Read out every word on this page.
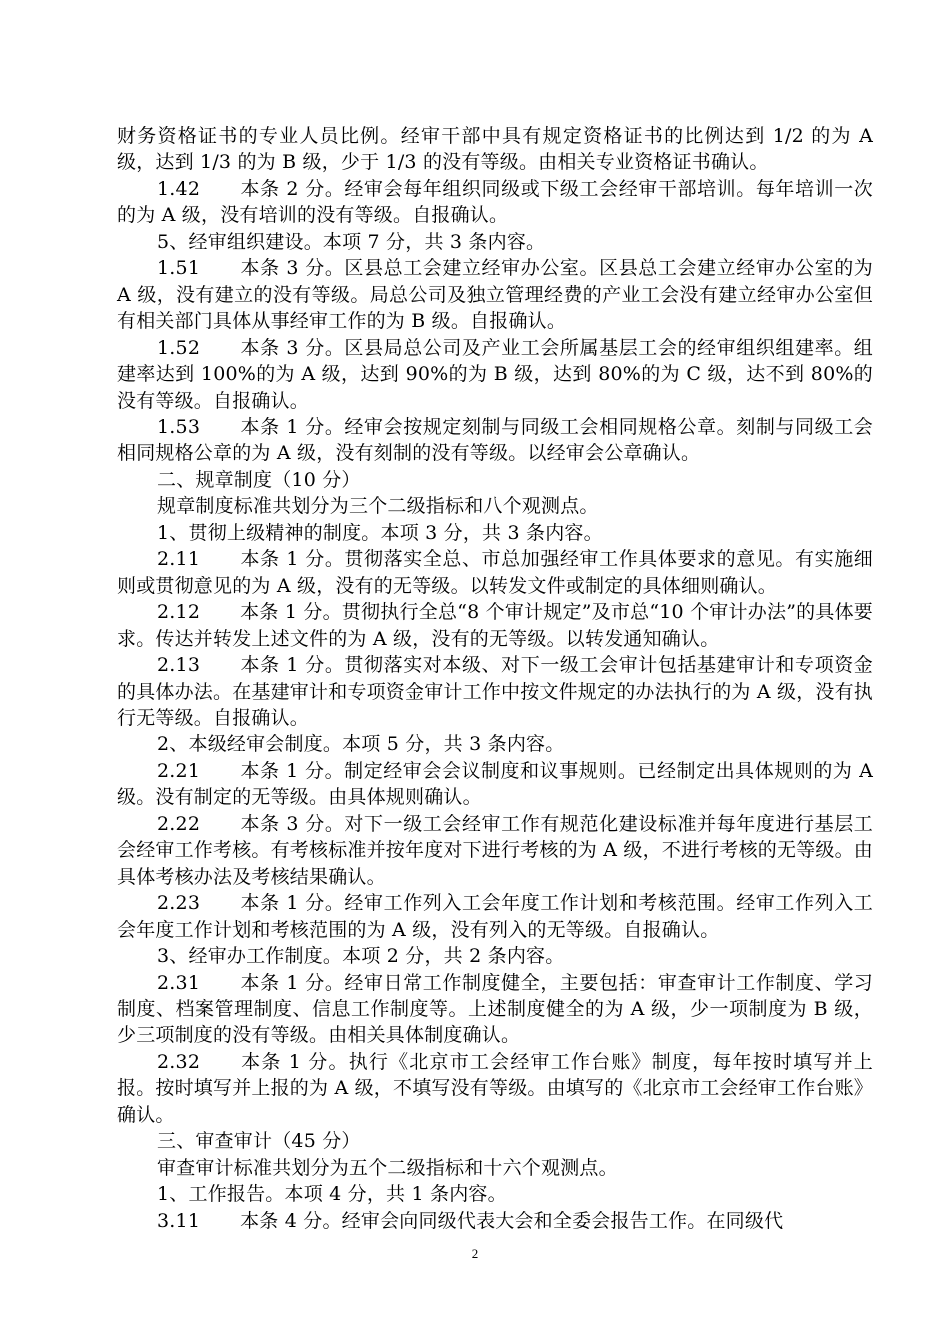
财务资格证书的专业人员比例。经审干部中具有规定资格证书的比例达到 1/2 的为 A 级，达到 1/3 的为 B 级，少于 1/3 的没有等级。由相关专业资格证书确认。

1.42 本条 2 分。经审会每年组织同级或下级工会经审干部培训。每年培训一次的为 A 级，没有培训的没有等级。自报确认。

5、经审组织建设。本项 7 分，共 3 条内容。

1.51 本条 3 分。区县总工会建立经审办公室。区县总工会建立经审办公室的为 A 级，没有建立的没有等级。局总公司及独立管理经费的产业工会没有建立经审办公室但有相关部门具体从事经审工作的为 B 级。自报确认。

1.52 本条 3 分。区县局总公司及产业工会所属基层工会的经审组织组建率。组建率达到 100%的为 A 级，达到 90%的为 B 级，达到 80%的为 C 级，达不到 80%的没有等级。自报确认。

1.53 本条 1 分。经审会按规定刻制与同级工会相同规格公章。刻制与同级工会相同规格公章的为 A 级，没有刻制的没有等级。以经审会公章确认。

二、规章制度（10 分）

规章制度标准共划分为三个二级指标和八个观测点。

1、贯彻上级精神的制度。本项 3 分，共 3 条内容。

2.11 本条 1 分。贯彻落实全总、市总加强经审工作具体要求的意见。有实施细则或贯彻意见的为 A 级，没有的无等级。以转发文件或制定的具体细则确认。

2.12 本条 1 分。贯彻执行全总“8 个审计规定”及市总“10 个审计办法”的具体要求。传达并转发上述文件的为 A 级，没有的无等级。以转发通知确认。

2.13 本条 1 分。贯彻落实对本级、对下一级工会审计包括基建审计和专项资金的具体办法。在基建审计和专项资金审计工作中按文件规定的办法执行的为 A 级，没有执行无等级。自报确认。

2、本级经审会制度。本项 5 分，共 3 条内容。

2.21 本条 1 分。制定经审会会议制度和议事规则。已经制定出具体规则的为 A 级。没有制定的无等级。由具体规则确认。

2.22 本条 3 分。对下一级工会经审工作有规范化建设标准并每年度进行基层工会经审工作考核。有考核标准并按年度对下进行考核的为 A 级，不进行考核的无等级。由具体考核办法及考核结果确认。

2.23 本条 1 分。经审工作列入工会年度工作计划和考核范围。经审工作列入工会年度工作计划和考核范围的为 A 级，没有列入的无等级。自报确认。

3、经审办工作制度。本项 2 分，共 2 条内容。

2.31 本条 1 分。经审日常工作制度健全，主要包括：审查审计工作制度、学习制度、档案管理制度、信息工作制度等。上述制度健全的为 A 级，少一项制度为 B 级，少三项制度的没有等级。由相关具体制度确认。

2.32 本条 1 分。执行《北京市工会经审工作台账》制度，每年按时填写并上报。按时填写并上报的为 A 级，不填写没有等级。由填写的《北京市工会经审工作台账》确认。

三、审查审计（45 分）

审查审计标准共划分为五个二级指标和十六个观测点。

1、工作报告。本项 4 分，共 1 条内容。

3.11 本条 4 分。经审会向同级代表大会和全委会报告工作。在同级代

2
